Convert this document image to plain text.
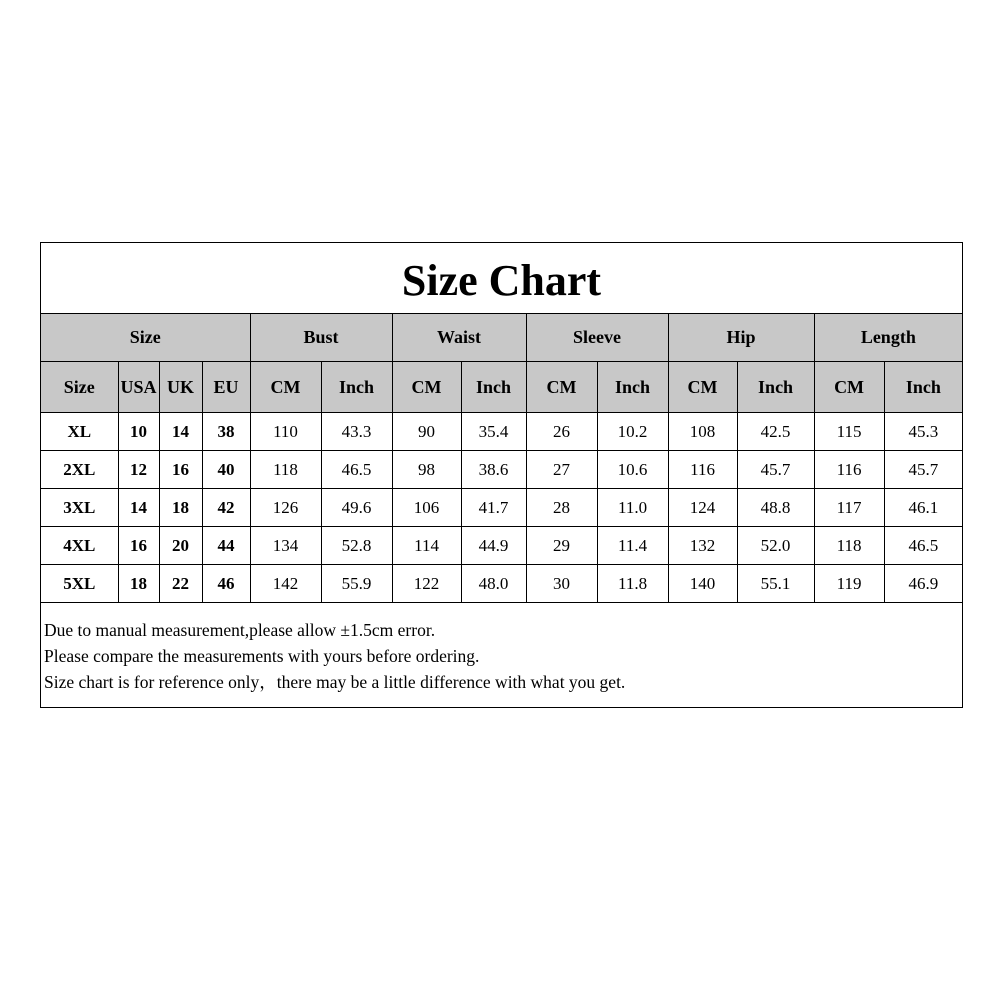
Size Chart
Size				Bust		Waist		Sleeve		Hip		Length	
Size	USA	UK	EU	CM	Inch	CM	Inch	CM	Inch	CM	Inch	CM	Inch
XL	10	14	38	110	43.3	90	35.4	26	10.2	108	42.5	115	45.3
2XL	12	16	40	118	46.5	98	38.6	27	10.6	116	45.7	116	45.7
3XL	14	18	42	126	49.6	106	41.7	28	11.0	124	48.8	117	46.1
4XL	16	20	44	134	52.8	114	44.9	29	11.4	132	52.0	118	46.5
5XL	18	22	46	142	55.9	122	48.0	30	11.8	140	55.1	119	46.9
Due to manual measurement,please allow ±1.5cm error.
Please compare the measurements with yours before ordering.
Size chart is for reference only，there may be a little difference with what you get.
